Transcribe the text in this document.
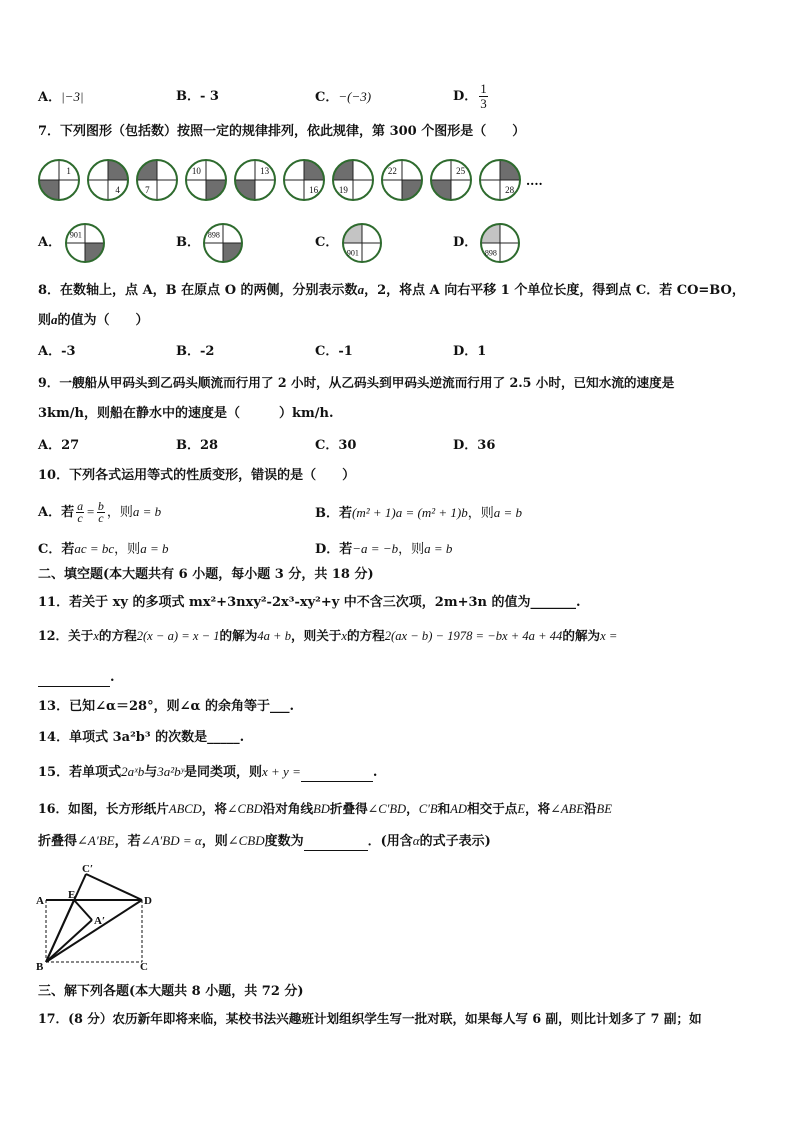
A．|−3|	B．- 3	C．−(−3)	D． $\frac{1}{3}$
7．下列图形（包括数）按照一定的规律排列，依此规律，第 300 个图形是（　　）
1
4	7
10	13
16 19
22	25
28
....
A．
901
B．
898
C．
901
D．
898
8．在数轴上，点 A，B 在原点 O 的两侧，分别表示数a，2，将点 A 向右平移 1 个单位长度，得到点 C．若 CO=BO，
则a的值为（　　）
A．-3	B．-2	C．-1	D．1
9．一艘船从甲码头到乙码头顺流而行用了 2 小时，从乙码头到甲码头逆流而行用了 2.5 小时，已知水流的速度是
3km/h，则船在静水中的速度是（　　　）km/h.
A．27	B．28	C．30	D．36
10．下列各式运用等式的性质变形，错误的是（　　）
A．若 $\frac{a}{c} = \frac{b}{c}$ ，则a = b	B．若(m² + 1)a = (m² + 1)b，则a = b
C．若ac = bc，则a = b	D．若−a = −b，则a = b
二、填空题(本大题共有 6 小题，每小题 3 分，共 18 分)
11．若关于 xy 的多项式 mx²+3nxy²-2x³-xy²+y 中不含三次项，2m+3n 的值为_______.
12．关于x的方程2(x − a) = x − 1的解为4a + b，则关于x的方程2(ax − b) − 1978 = −bx + 4a + 44的解为x =
.
13．已知∠α＝28°，则∠α 的余角等于___.
14．单项式 3a²b³ 的次数是_____.
15．若单项式2aˣb与3a²bʸ是同类项，则x + y =	.
16．如图，长方形纸片ABCD，将∠CBD沿对角线BD折叠得∠C′BD，C′B和AD相交于点E，将∠ABE沿BE
折叠得∠A′BE，若∠A′BD = α，则∠CBD度数为	．(用含α的式子表示)
A
B	C
D
E
C′
A′
三、解下列各题(本大题共 8 小题，共 72 分)
17．(8 分）农历新年即将来临，某校书法兴趣班计划组织学生写一批对联，如果每人写 6 副，则比计划多了 7 副；如
